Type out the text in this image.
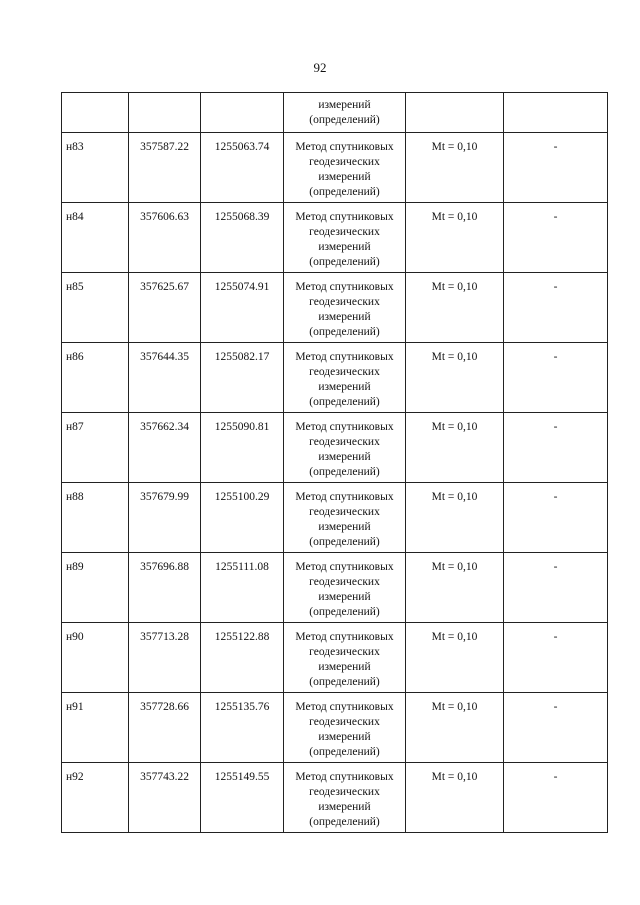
92

			измерений
(определений)		

н83	357587.22	1255063.74	Метод спутниковых
геодезических
измерений
(определений)	Mt = 0,10	-
н84	357606.63	1255068.39	Метод спутниковых
геодезических
измерений
(определений)	Mt = 0,10	-
н85	357625.67	1255074.91	Метод спутниковых
геодезических
измерений
(определений)	Mt = 0,10	-
н86	357644.35	1255082.17	Метод спутниковых
геодезических
измерений
(определений)	Mt = 0,10	-
н87	357662.34	1255090.81	Метод спутниковых
геодезических
измерений
(определений)	Mt = 0,10	-
н88	357679.99	1255100.29	Метод спутниковых
геодезических
измерений
(определений)	Mt = 0,10	-
н89	357696.88	1255111.08	Метод спутниковых
геодезических
измерений
(определений)	Mt = 0,10	-
н90	357713.28	1255122.88	Метод спутниковых
геодезических
измерений
(определений)	Mt = 0,10	-
н91	357728.66	1255135.76	Метод спутниковых
геодезических
измерений
(определений)	Mt = 0,10	-
н92	357743.22	1255149.55	Метод спутниковых
геодезических
измерений
(определений)	Mt = 0,10	-
